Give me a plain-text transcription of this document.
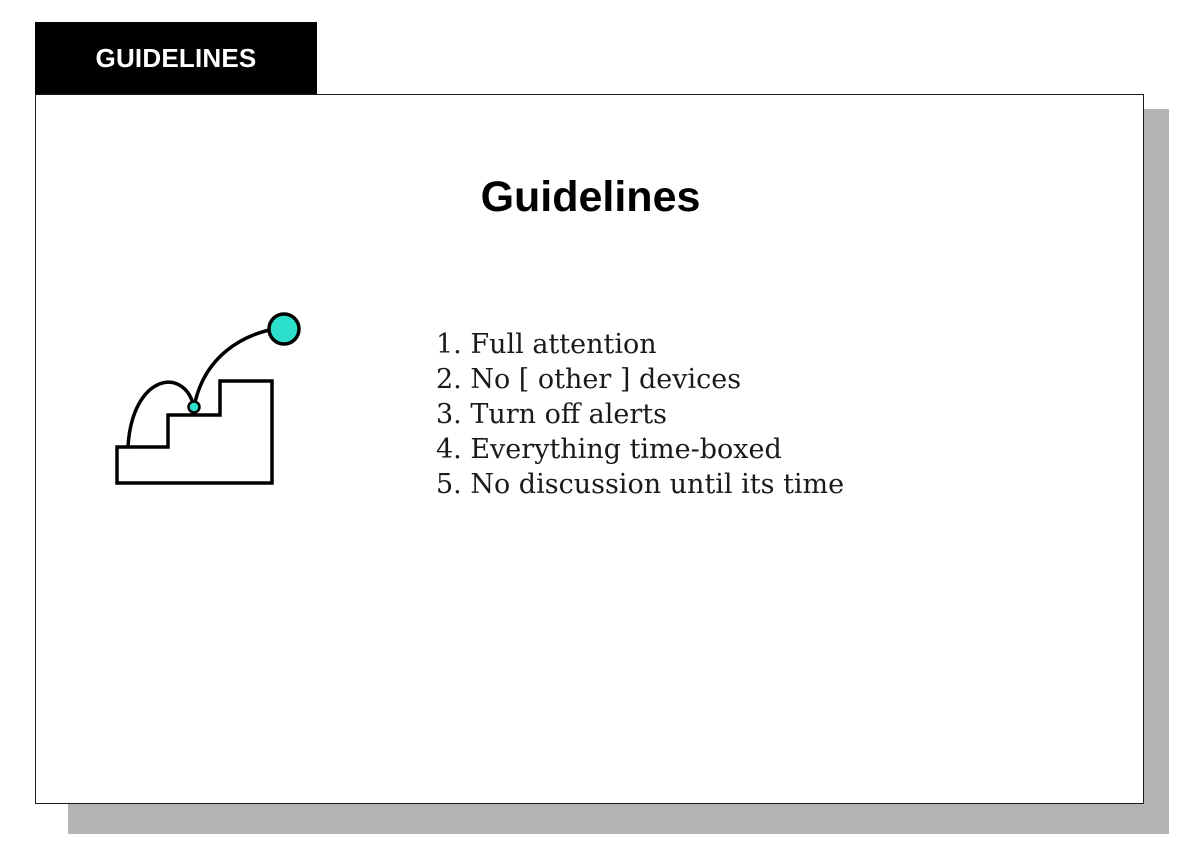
GUIDELINES
Guidelines
1. Full attention
2. No [ other ] devices
3. Turn off alerts
4. Everything time-boxed
5. No discussion until its time
